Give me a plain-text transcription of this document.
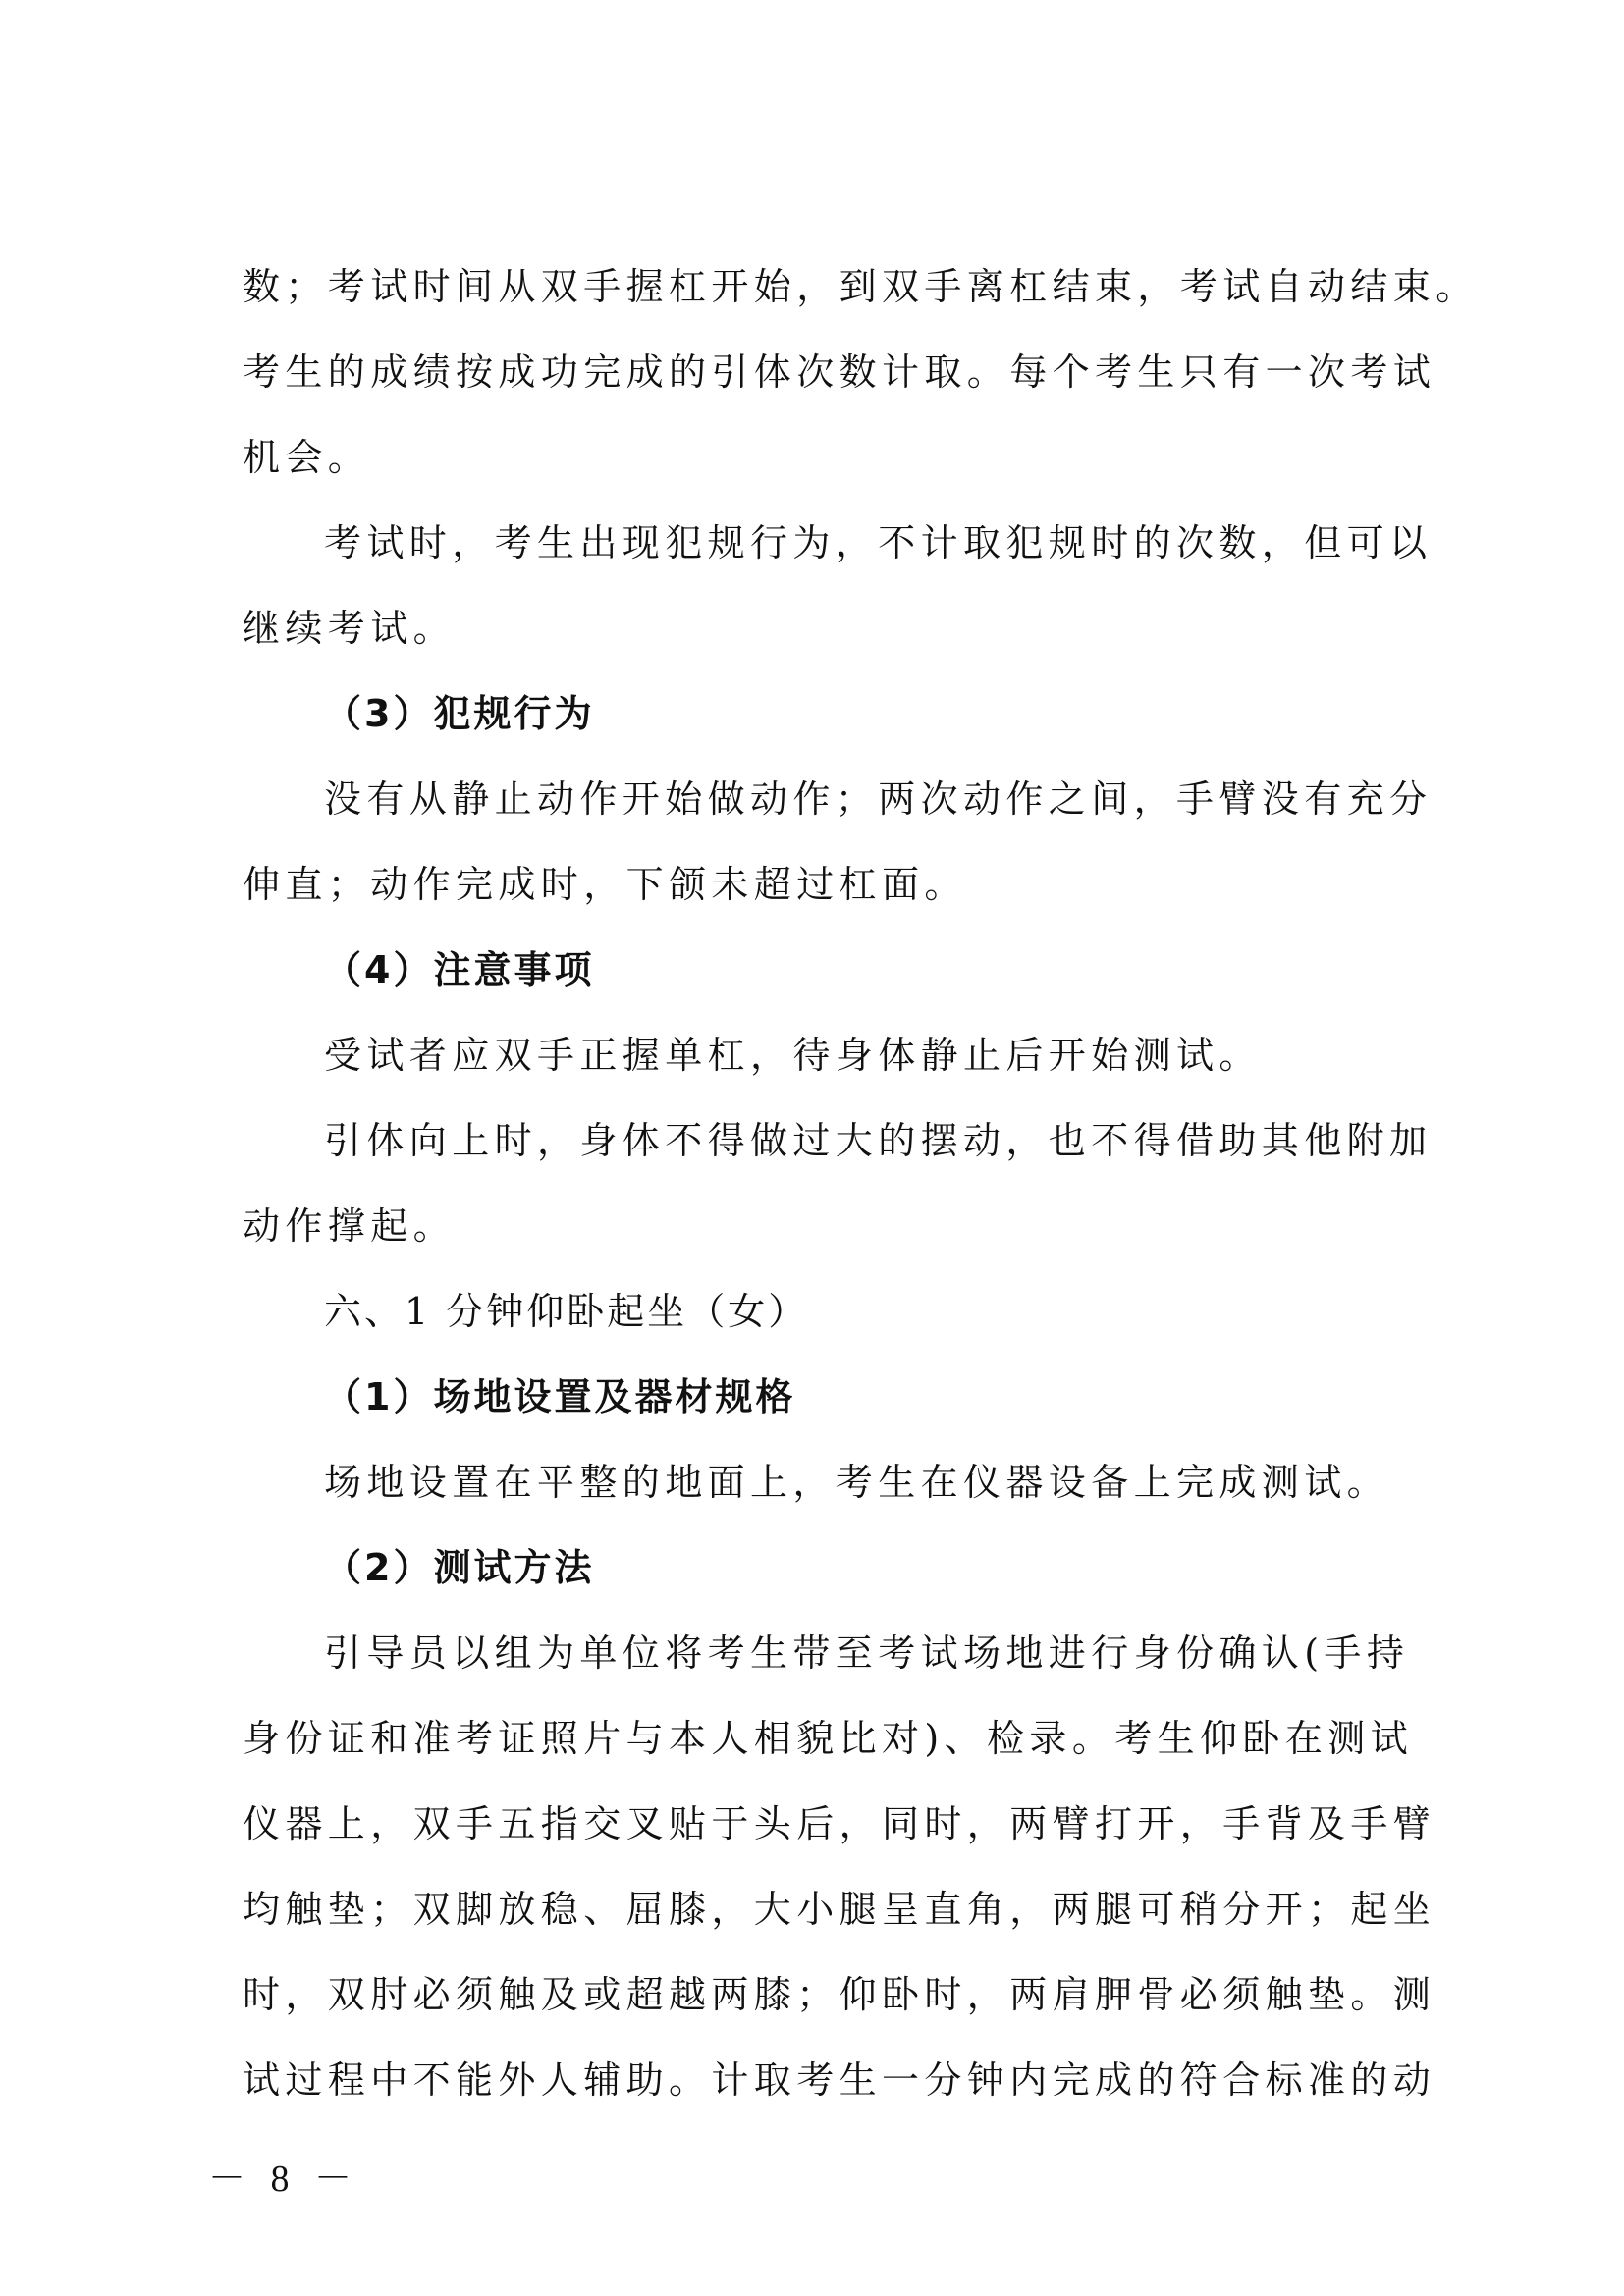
数；考试时间从双手握杠开始，到双手离杠结束，考试自动结束。
考生的成绩按成功完成的引体次数计取。每个考生只有一次考试
机会。
考试时，考生出现犯规行为，不计取犯规时的次数，但可以
继续考试。
（3）犯规行为
没有从静止动作开始做动作；两次动作之间，手臂没有充分
伸直；动作完成时，下颌未超过杠面。
（4）注意事项
受试者应双手正握单杠，待身体静止后开始测试。
引体向上时，身体不得做过大的摆动，也不得借助其他附加
动作撑起。
六、1 分钟仰卧起坐（女）
（1）场地设置及器材规格
场地设置在平整的地面上，考生在仪器设备上完成测试。
（2）测试方法
引导员以组为单位将考生带至考试场地进行身份确认(手持
身份证和准考证照片与本人相貌比对)、检录。考生仰卧在测试
仪器上，双手五指交叉贴于头后，同时，两臂打开，手背及手臂
均触垫；双脚放稳、屈膝，大小腿呈直角，两腿可稍分开；起坐
时，双肘必须触及或超越两膝；仰卧时，两肩胛骨必须触垫。测
试过程中不能外人辅助。计取考生一分钟内完成的符合标准的动
－ 8 －
